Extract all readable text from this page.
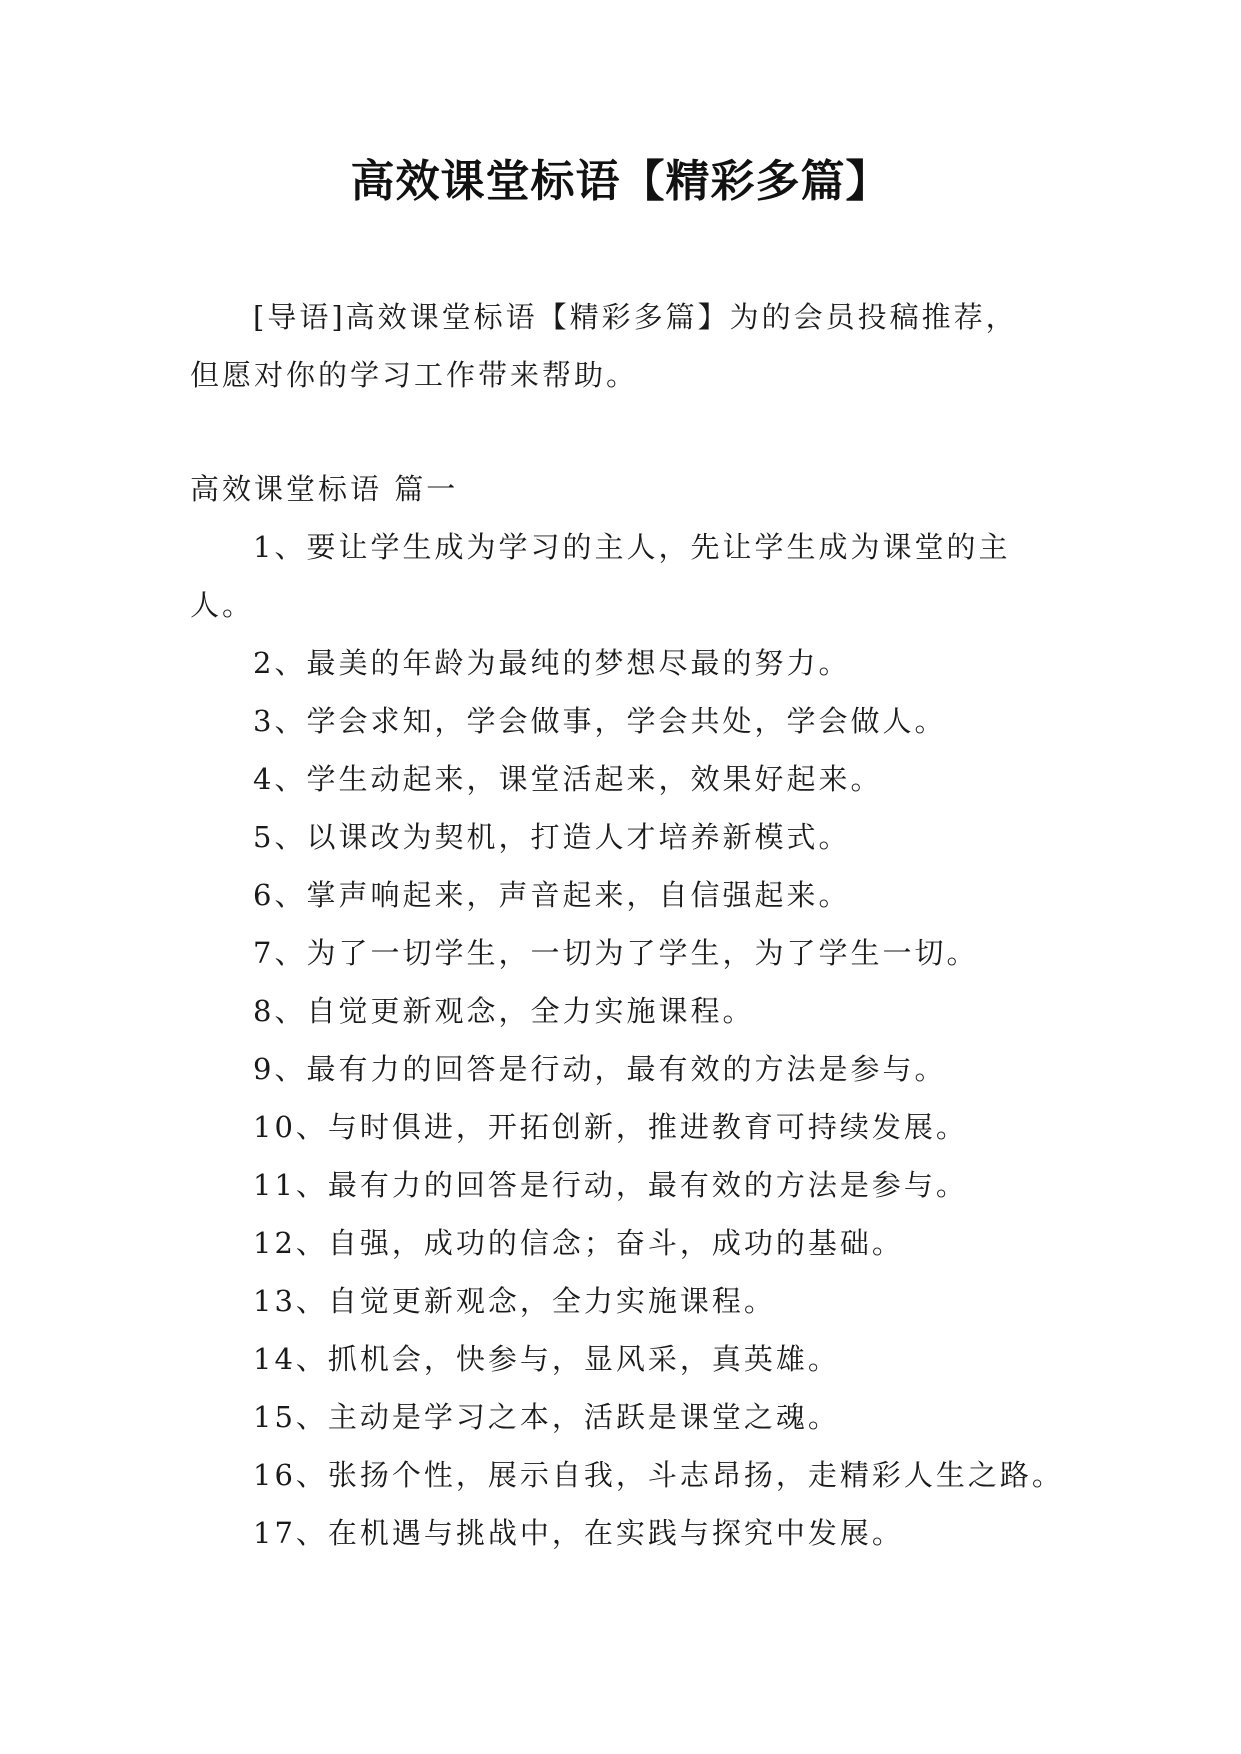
高效课堂标语【精彩多篇】
[导语]高效课堂标语【精彩多篇】为的会员投稿推荐，
但愿对你的学习工作带来帮助。
高效课堂标语 篇一
1、要让学生成为学习的主人，先让学生成为课堂的主
人。
2、最美的年龄为最纯的梦想尽最的努力。
3、学会求知，学会做事，学会共处，学会做人。
4、学生动起来，课堂活起来，效果好起来。
5、以课改为契机，打造人才培养新模式。
6、掌声响起来，声音起来，自信强起来。
7、为了一切学生，一切为了学生，为了学生一切。
8、自觉更新观念，全力实施课程。
9、最有力的回答是行动，最有效的方法是参与。
10、与时俱进，开拓创新，推进教育可持续发展。
11、最有力的回答是行动，最有效的方法是参与。
12、自强，成功的信念；奋斗，成功的基础。
13、自觉更新观念，全力实施课程。
14、抓机会，快参与，显风采，真英雄。
15、主动是学习之本，活跃是课堂之魂。
16、张扬个性，展示自我，斗志昂扬，走精彩人生之路。
17、在机遇与挑战中，在实践与探究中发展。
